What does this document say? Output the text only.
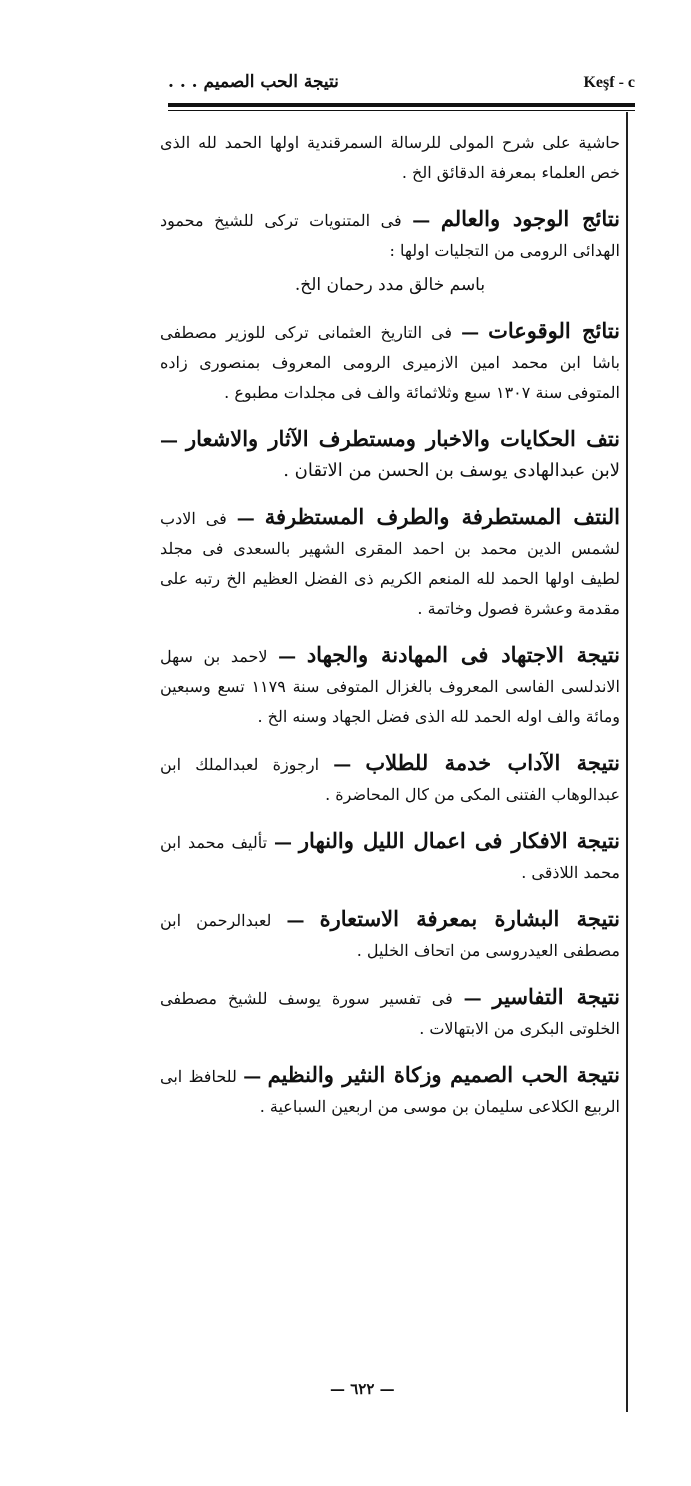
نتيجة الحب الصميم . . .	Keşf - c

حاشية على شرح المولى للرسالة السمرقندية اولها الحمد لله الذى خص العلماء بمعرفة الدقائق الخ .

نتائج الوجود والعالم — فى المتنويات تركى للشيخ محمود الهدائى الرومى من التجليات اولها :
باسم خالق مدد رحمان الخ.

نتائج الوقوعات — فى التاريخ العثمانى تركى للوزير مصطفى باشا ابن محمد امين الازميرى الرومى المعروف بمنصورى زاده المتوفى سنة ١٣٠٧ سبع وثلاثمائة والف فى مجلدات مطبوع .

نتف الحكايات والاخبار ومستطرف الآثار والاشعار — لابن عبدالهادى يوسف بن الحسن من الاتقان .

النتف المستطرفة والطرف المستظرفة — فى الادب لشمس الدين محمد بن احمد المقرى الشهير بالسعدى فى مجلد لطيف اولها الحمد لله المنعم الكريم ذى الفضل العظيم الخ رتبه على مقدمة وعشرة فصول وخاتمة .

نتيجة الاجتهاد فى المهادنة والجهاد — لاحمد بن سهل الاندلسى الفاسى المعروف بالغزال المتوفى سنة ١١٧٩ تسع وسبعين ومائة والف اوله الحمد لله الذى فضل الجهاد وسنه الخ .

نتيجة الآداب خدمة للطلاب — ارجوزة لعبدالملك ابن عبدالوهاب الفتنى المكى من كال المحاضرة .

نتيجة الافكار فى اعمال الليل والنهار — تأليف محمد ابن محمد اللاذقى .

نتيجة البشارة بمعرفة الاستعارة — لعبدالرحمن ابن مصطفى العيدروسى من اتحاف الخليل .

نتيجة التفاسير — فى تفسير سورة يوسف للشيخ مصطفى الخلوتى البكرى من الابتهالات .

نتيجة الحب الصميم وزكاة النثير والنظيم — للحافظ ابى الربيع الكلاعى سليمان بن موسى من اربعين السباعية .

— ٦٢٢ —
